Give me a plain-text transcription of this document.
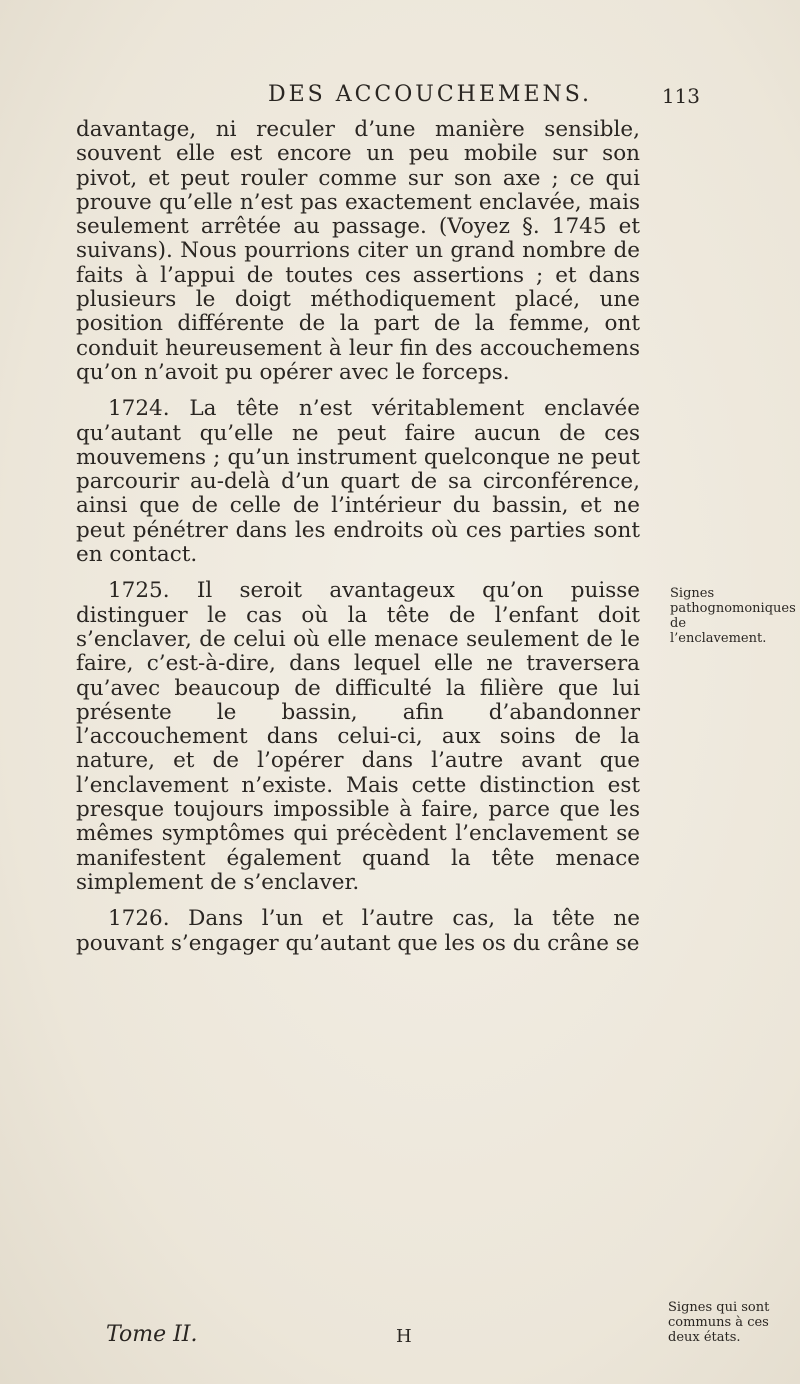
DES ACCOUCHEMENS.	113

davantage, ni reculer d’une manière sensible, souvent elle est encore un peu mobile sur son pivot, et peut rouler comme sur son axe ; ce qui prouve qu’elle n’est pas exactement enclavée, mais seulement arrêtée au passage. (Voyez §. 1745 et suivans). Nous pourrions citer un grand nombre de faits à l’appui de toutes ces assertions ; et dans plusieurs le doigt méthodiquement placé, une position différente de la part de la femme, ont conduit heureusement à leur fin des accouchemens qu’on n’avoit pu opérer avec le forceps.

1724. La tête n’est véritablement enclavée qu’autant qu’elle ne peut faire aucun de ces mouvemens ; qu’un instrument quelconque ne peut parcourir au-delà d’un quart de sa circonférence, ainsi que de celle de l’intérieur du bassin, et ne peut pénétrer dans les endroits où ces parties sont en contact.

1725. Il seroit avantageux qu’on puisse distinguer le cas où la tête de l’enfant doit s’enclaver, de celui où elle menace seulement de le faire, c’est-à-dire, dans lequel elle ne traversera qu’avec beaucoup de difficulté la filière que lui présente le bassin, afin d’abandonner l’accouchement dans celui-ci, aux soins de la nature, et de l’opérer dans l’autre avant que l’enclavement n’existe. Mais cette distinction est presque toujours impossible à faire, parce que les mêmes symptômes qui précèdent l’enclavement se manifestent également quand la tête menace simplement de s’enclaver.

1726. Dans l’un et l’autre cas, la tête ne pouvant s’engager qu’autant que les os du crâne se

Signes pathognomoniques de l’enclavement.
Signes qui sont communs à ces deux états.
Tome II.	H
